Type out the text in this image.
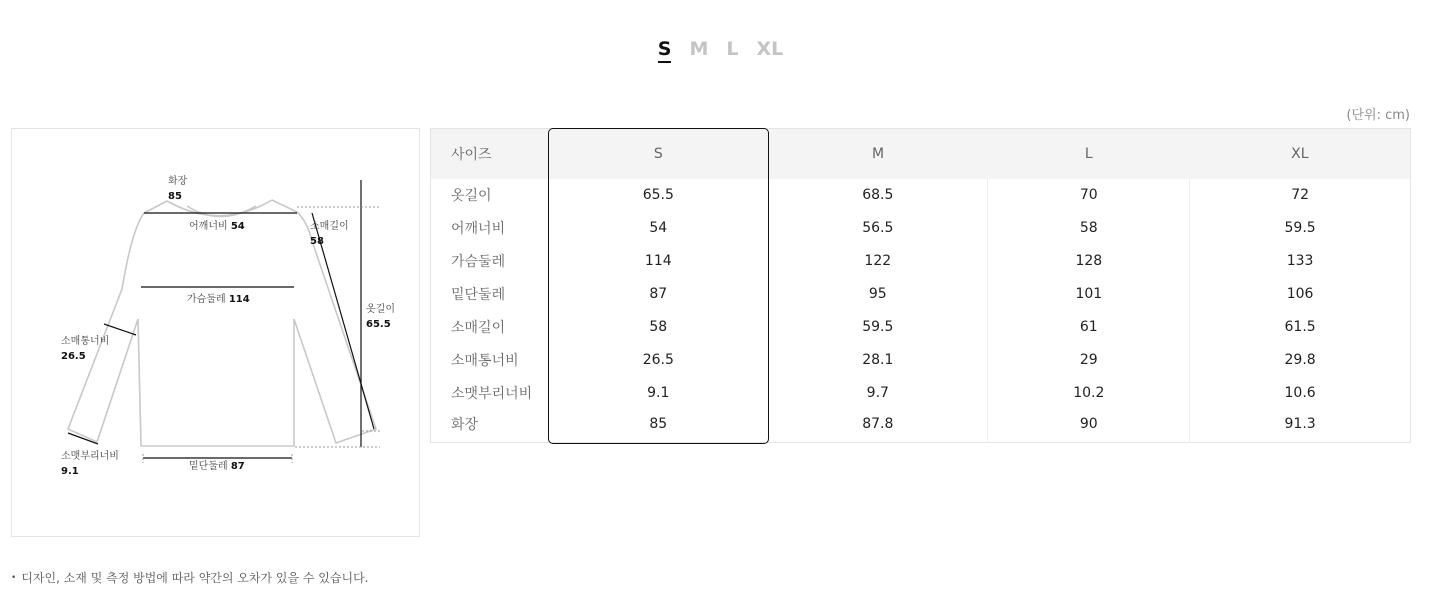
S M L XL
(단위: cm)
화장
85
어깨너비 54	소매길이
58
가슴둘레 114
옷길이
65.5
소매통너비
26.5
소맷부리너비
9.1	밑단둘레 87
사이즈	S	M	L	XL
옷길이	65.5	68.5	70	72
어깨너비	54	56.5	58	59.5
가슴둘레	114	122	128	133
밑단둘레	87	95	101	106
소매길이	58	59.5	61	61.5
소매통너비	26.5	28.1	29	29.8
소맷부리너비	9.1	9.7	10.2	10.6
화장	85	87.8	90	91.3
• 디자인, 소재 및 측정 방법에 따라 약간의 오차가 있을 수 있습니다.
